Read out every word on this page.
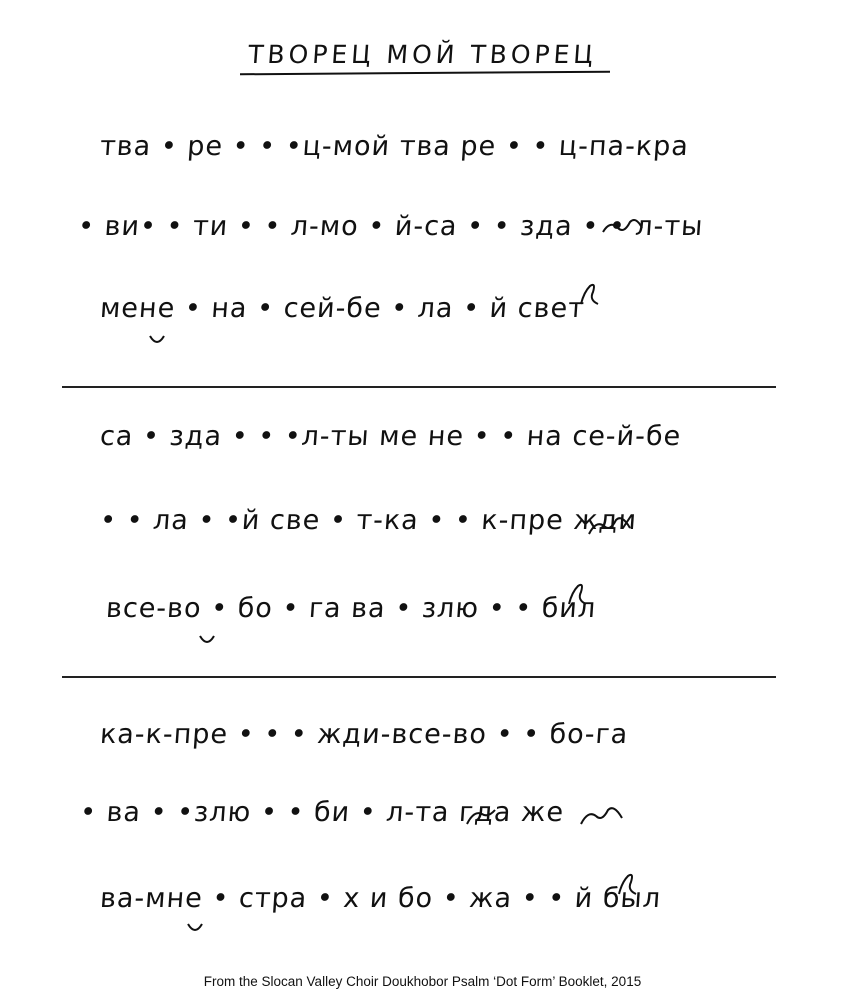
ТВОРЕЦ МОЙ ТВОРЕЦ
тва • ре • • •ц-мой тва ре • • ц-па-кра
• ви• • ти • • л-мо • й-са • • зда • • л-ты
мене • на • сей-бе • ла • й свет
са • зда • • •л-ты ме не • • на се-й-бе
• • ла • •й све • т-ка • • к-пре жди
все-во • бо • га ва • злю • • бил
ка-к-пре • • • жди-все-во • • бо-га
• ва • •злю • • би • л-та гда же
ва-мне • стра • х и бо • жа • • й был
From the Slocan Valley Choir Doukhobor Psalm ‘Dot Form’ Booklet, 2015
